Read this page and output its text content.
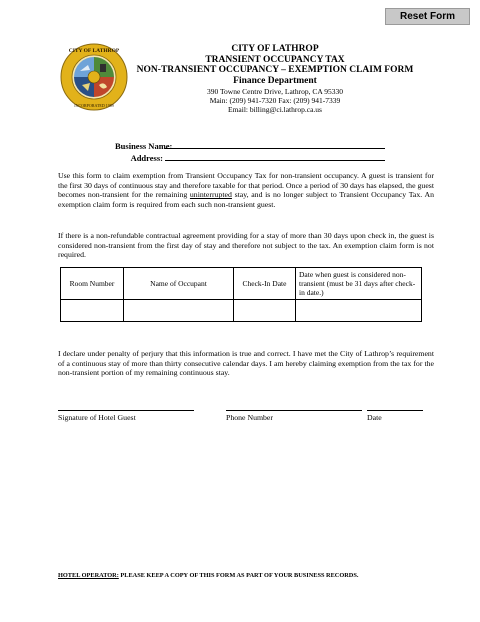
Reset Form
CITY OF LATHROP
INCORPORATED 1989
CITY OF LATHROP
TRANSIENT OCCUPANCY TAX
NON-TRANSIENT OCCUPANCY – EXEMPTION CLAIM FORM
Finance Department
390 Towne Centre Drive, Lathrop, CA 95330
Main: (209) 941-7320 Fax: (209) 941-7339
Email: billing@ci.lathrop.ca.us
Business Name:
Address:
Use this form to claim exemption from Transient Occupancy Tax for non-transient occupancy. A guest is transient for the first 30 days of continuous stay and therefore taxable for that period. Once a period of 30 days has elapsed, the guest becomes non-transient for the remaining uninterrupted stay, and is no longer subject to Transient Occupancy Tax. An exemption claim form is required from each such non-transient guest.
If there is a non-refundable contractual agreement providing for a stay of more than 30 days upon check in, the guest is considered non-transient from the first day of stay and therefore not subject to the tax. An exemption claim form is not required.
Room Number	Name of Occupant	Check-In Date	Date when guest is considered non-transient (must be 31 days after check-in date.)

I declare under penalty of perjury that this information is true and correct. I have met the City of Lathrop’s requirement of a continuous stay of more than thirty consecutive calendar days. I am hereby claiming exemption from the tax for the non-transient portion of my remaining continuous stay.
Signature of Hotel Guest	Phone Number	Date
HOTEL OPERATOR: PLEASE KEEP A COPY OF THIS FORM AS PART OF YOUR BUSINESS RECORDS.
